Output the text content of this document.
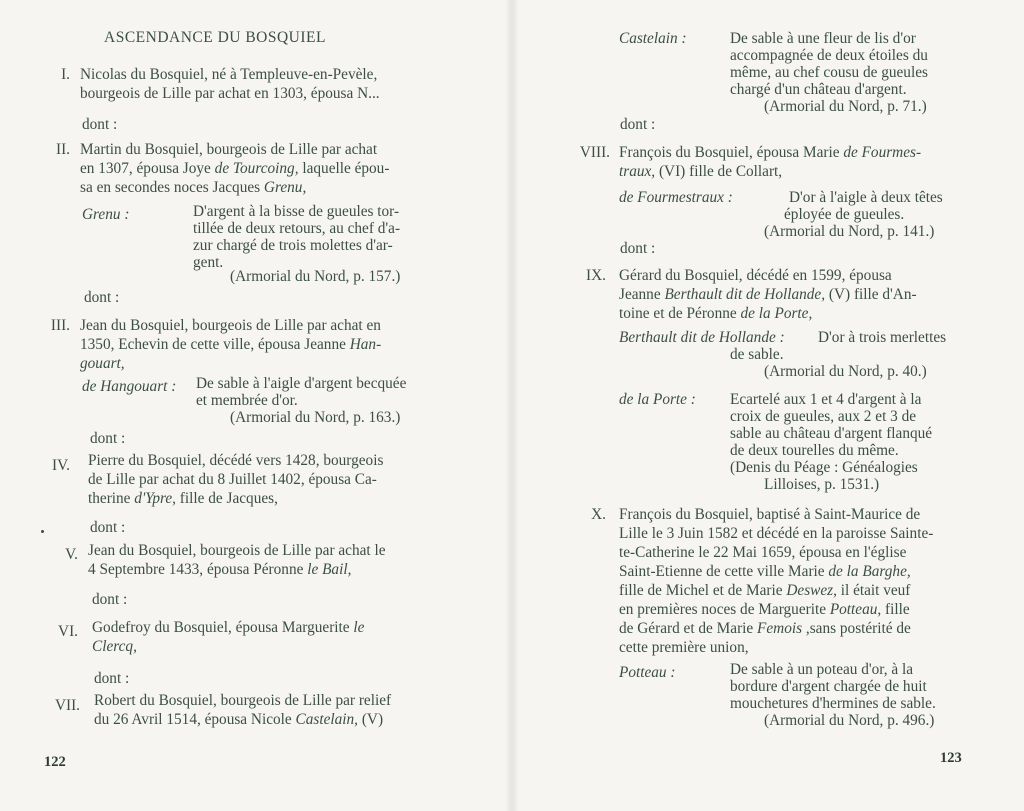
ASCENDANCE DU BOSQUIEL
I. Nicolas du Bosquiel, né à Templeuve-en-Pevèle,
bourgeois de Lille par achat en 1303, épousa N...
dont :
II. Martin du Bosquiel, bourgeois de Lille par achat
en 1307, épousa Joye de Tourcoing, laquelle épou-
sa en secondes noces Jacques Grenu,
Grenu :	D'argent à la bisse de gueules tor-
tillée de deux retours, au chef d'a-
zur chargé de trois molettes d'ar-
gent.
(Armorial du Nord, p. 157.)
dont :
III. Jean du Bosquiel, bourgeois de Lille par achat en
1350, Echevin de cette ville, épousa Jeanne Han-
gouart,
de Hangouart : De sable à l'aigle d'argent becquée
et membrée d'or.
(Armorial du Nord, p. 163.)
dont :
IV. Pierre du Bosquiel, décédé vers 1428, bourgeois
de Lille par achat du 8 Juillet 1402, épousa Ca-
therine d'Ypre, fille de Jacques,
dont :
V. Jean du Bosquiel, bourgeois de Lille par achat le
4 Septembre 1433, épousa Péronne le Bail,
dont :
VI. Godefroy du Bosquiel, épousa Marguerite le
Clercq,
dont :
VII. Robert du Bosquiel, bourgeois de Lille par relief
du 26 Avril 1514, épousa Nicole Castelain, (V)
122
Castelain :	De sable à une fleur de lis d'or
accompagnée de deux étoiles du
même, au chef cousu de gueules
chargé d'un château d'argent.
(Armorial du Nord, p. 71.)
dont :
VIII. François du Bosquiel, épousa Marie de Fourmes-
traux, (VI) fille de Collart,
de Fourmestraux :	D'or à l'aigle à deux têtes
éployée de gueules.
(Armorial du Nord, p. 141.)
dont :
IX. Gérard du Bosquiel, décédé en 1599, épousa
Jeanne Berthault dit de Hollande, (V) fille d'An-
toine et de Péronne de la Porte,
Berthault dit de Hollande : D'or à trois merlettes
de sable.
(Armorial du Nord, p. 40.)
de la Porte : Ecartelé aux 1 et 4 d'argent à la
croix de gueules, aux 2 et 3 de
sable au château d'argent flanqué
de deux tourelles du même.
(Denis du Péage : Généalogies
Lilloises, p. 1531.)
X. François du Bosquiel, baptisé à Saint-Maurice de
Lille le 3 Juin 1582 et décédé en la paroisse Sainte-
te-Catherine le 22 Mai 1659, épousa en l'église
Saint-Etienne de cette ville Marie de la Barghe,
fille de Michel et de Marie Deswez, il était veuf
en premières noces de Marguerite Potteau, fille
de Gérard et de Marie Femois ,sans postérité de
cette première union,
Potteau :	De sable à un poteau d'or, à la
bordure d'argent chargée de huit
mouchetures d'hermines de sable.
(Armorial du Nord, p. 496.)
123
